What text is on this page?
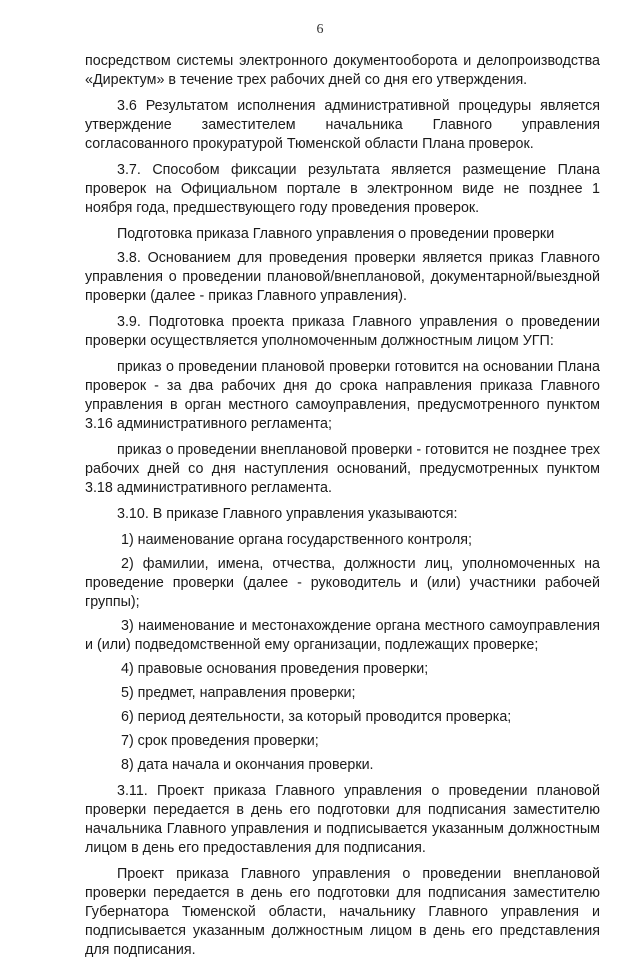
6

посредством системы электронного документооборота и делопроизводства «Директум» в течение трех рабочих дней со дня его утверждения.

3.6 Результатом исполнения административной процедуры является утверждение заместителем начальника Главного управления согласованного прокуратурой Тюменской области Плана проверок.

3.7. Способом фиксации результата является размещение Плана проверок на Официальном портале в электронном виде не позднее 1 ноября года, предшествующего году проведения проверок.

Подготовка приказа Главного управления о проведении проверки

3.8. Основанием для проведения проверки является приказ Главного управления о проведении плановой/внеплановой, документарной/выездной проверки (далее - приказ Главного управления).

3.9. Подготовка проекта приказа Главного управления о проведении проверки осуществляется уполномоченным должностным лицом УГП:

приказ о проведении плановой проверки готовится на основании Плана проверок - за два рабочих дня до срока направления приказа Главного управления в орган местного самоуправления, предусмотренного пунктом 3.16 административного регламента;

приказ о проведении внеплановой проверки - готовится не позднее трех рабочих дней со дня наступления оснований, предусмотренных пунктом 3.18 административного регламента.

3.10. В приказе Главного управления указываются:

1) наименование органа государственного контроля;

2) фамилии, имена, отчества, должности лиц, уполномоченных на проведение проверки (далее - руководитель и (или) участники рабочей группы);

3) наименование и местонахождение органа местного самоуправления и (или) подведомственной ему организации, подлежащих проверке;

4) правовые основания проведения проверки;

5) предмет, направления проверки;

6) период деятельности, за который проводится проверка;

7) срок проведения проверки;

8) дата начала и окончания проверки.

3.11. Проект приказа Главного управления о проведении плановой проверки передается в день его подготовки для подписания заместителю начальника Главного управления и подписывается указанным должностным лицом в день его предоставления для подписания.

Проект приказа Главного управления о проведении внеплановой проверки передается в день его подготовки для подписания заместителю Губернатора Тюменской области, начальнику Главного управления и подписывается указанным должностным лицом в день его представления для подписания.
